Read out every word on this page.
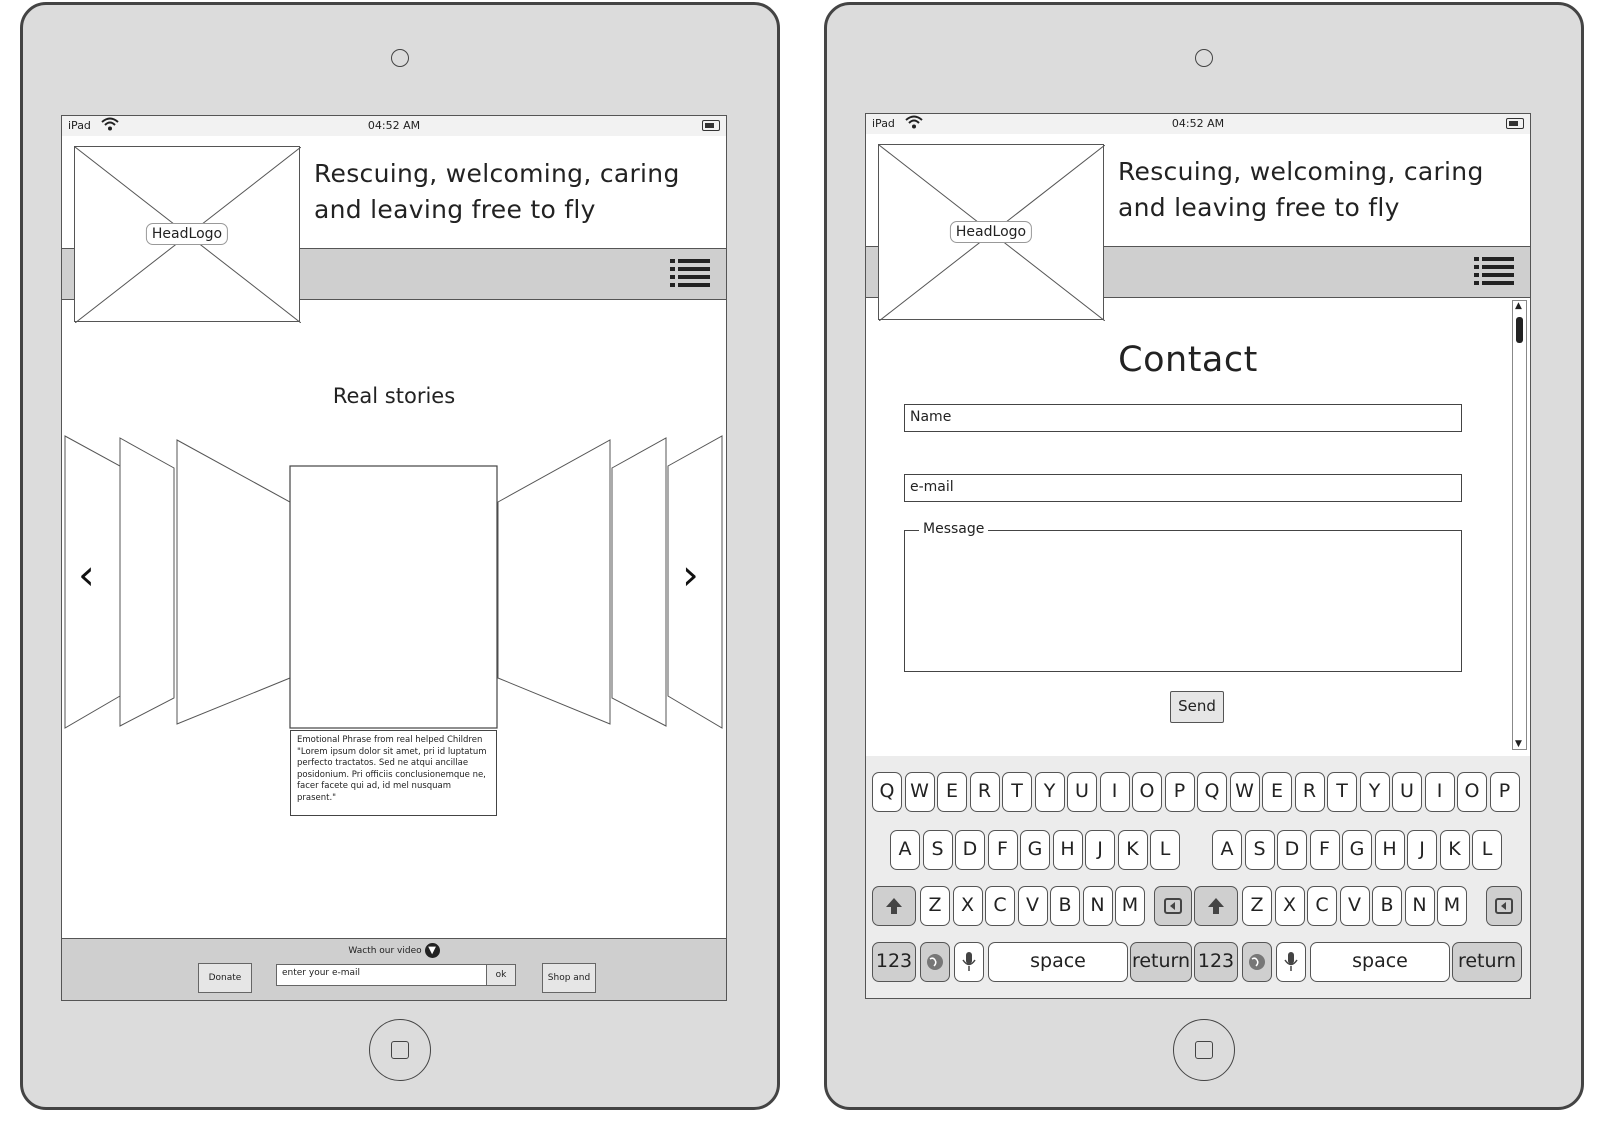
iPad	04:52 AM
HeadLogo
Rescuing, welcoming, caring
and leaving free to fly
Real stories
‹	›
Emotional Phrase from real helped Children "Lorem ipsum dolor sit amet, pri id luptatum perfecto tractatos. Sed ne atqui ancillae posidonium. Pri officiis conclusionemque ne, facer facete qui ad, id mel nusquam prasent."
Wacth our video ▼
Donate	enter your e-mail	ok	Shop and
iPad	04:52 AM
HeadLogo
Rescuing, welcoming, caring
and leaving free to fly
Contact
Name
e-mail
Message
Send
▲
▼
Q W E	R	T	Y	U	I	O	P	Q W E	R	T	Y	U	I	O	P
A	S	D	F	G H	J	K	L	A	S	D	F	G H	J	K	L
Z	X	C	V	B N M	Z	X	C	V	B N M
123	space	return 123	space	return
